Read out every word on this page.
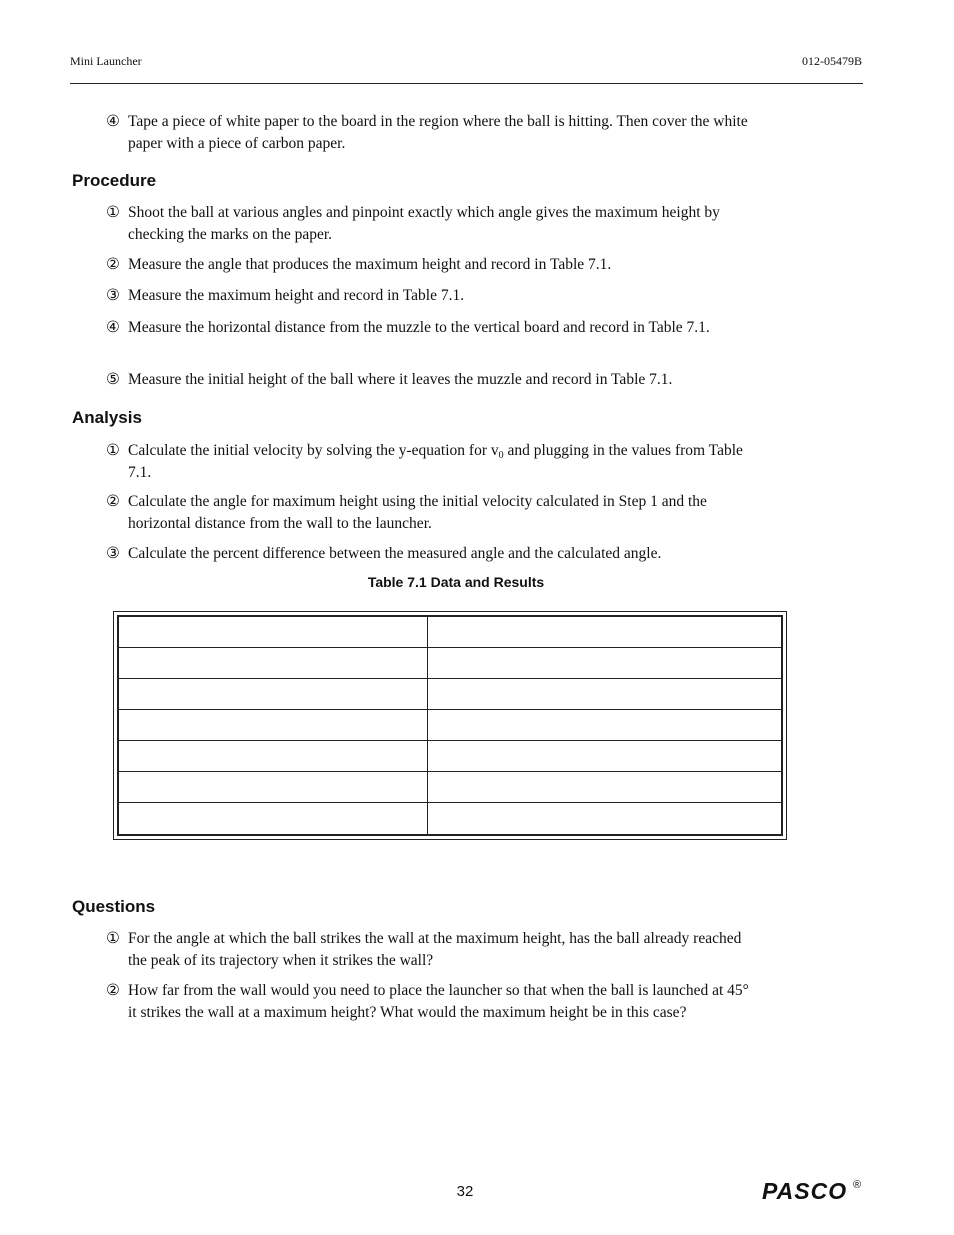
Mini Launcher	012-05479B
④ Tape a piece of white paper to the board in the region where the ball is hitting. Then cover the white paper with a piece of carbon paper.
Procedure
① Shoot the ball at various angles and pinpoint exactly which angle gives the maximum height by checking the marks on the paper.
② Measure the angle that produces the maximum height and record in Table 7.1.
③ Measure the maximum height and record in Table 7.1.
④ Measure the horizontal distance from the muzzle to the vertical board and record in Table 7.1.
⑤ Measure the initial height of the ball where it leaves the muzzle and record in Table 7.1.
Analysis
① Calculate the initial velocity by solving the y-equation for $v_0$ and plugging in the values from Table 7.1.
② Calculate the angle for maximum height using the initial velocity calculated in Step 1 and the horizontal distance from the wall to the launcher.
③ Calculate the percent difference between the measured angle and the calculated angle.
Table 7.1 Data and Results
Questions
① For the angle at which the ball strikes the wall at the maximum height, has the ball already reached the peak of its trajectory when it strikes the wall?
② How far from the wall would you need to place the launcher so that when the ball is launched at 45° it strikes the wall at a maximum height? What would the maximum height be in this case?
32	PASCO ®
